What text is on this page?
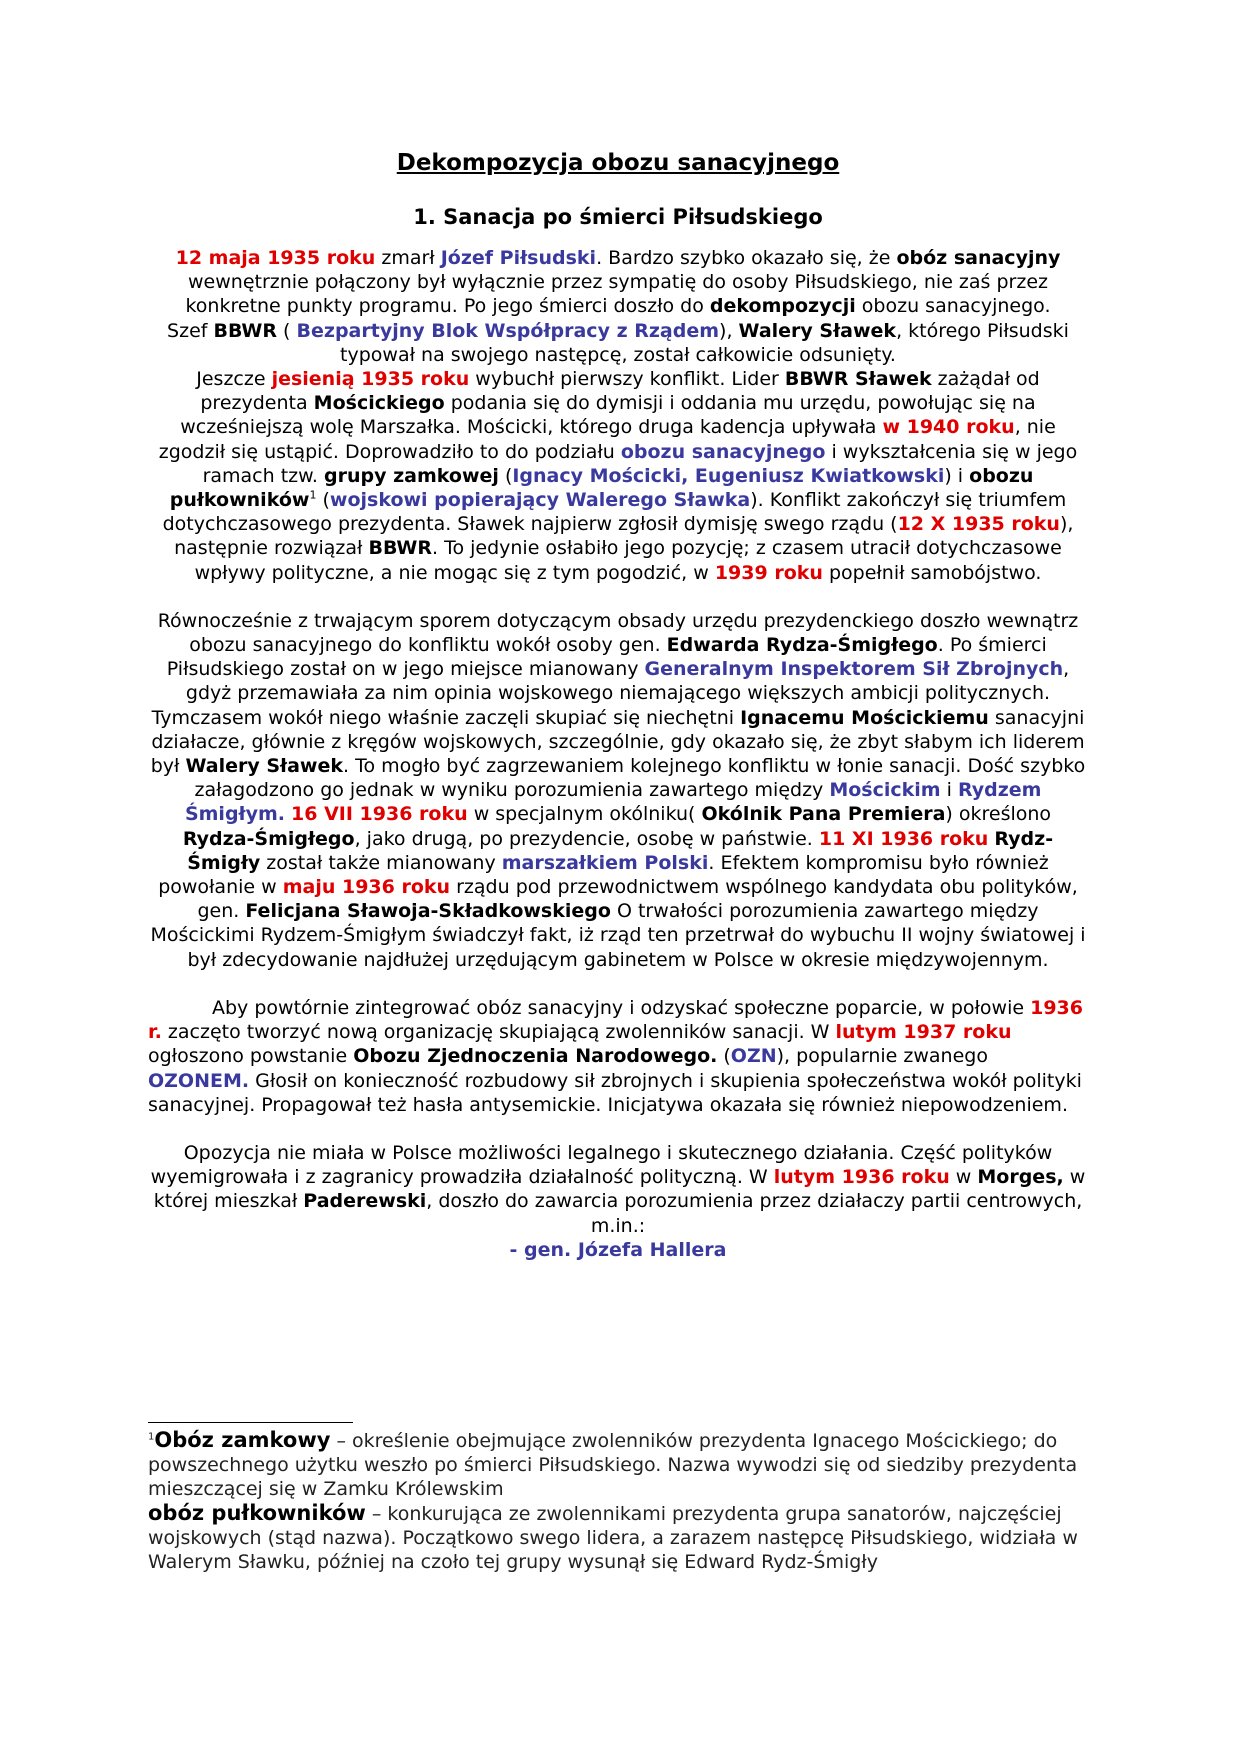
Dekompozycja obozu sanacyjnego
1. Sanacja po śmierci Piłsudskiego

12 maja 1935 roku zmarł Józef Piłsudski. Bardzo szybko okazało się, że obóz sanacyjny wewnętrznie połączony był wyłącznie przez sympatię do osoby Piłsudskiego, nie zaś przez konkretne punkty programu. Po jego śmierci doszło do dekompozycji obozu sanacyjnego.

Szef BBWR ( Bezpartyjny Blok Współpracy z Rządem), Walery Sławek, którego Piłsudski typował na swojego następcę, został całkowicie odsunięty.

Jeszcze jesienią 1935 roku wybuchł pierwszy konflikt. Lider BBWR Sławek zażądał od prezydenta Mościckiego podania się do dymisji i oddania mu urzędu, powołując się na wcześniejszą wolę Marszałka. Mościcki, którego druga kadencja upływała w 1940 roku, nie zgodził się ustąpić. Doprowadziło to do podziału obozu sanacyjnego i wykształcenia się w jego ramach tzw. grupy zamkowej (Ignacy Mościcki, Eugeniusz Kwiatkowski) i obozu pułkowników$^1$ (wojskowi popierający Walerego Sławka). Konflikt zakończył się triumfem dotychczasowego prezydenta. Sławek najpierw zgłosił dymisję swego rządu (12 X 1935 roku), następnie rozwiązał BBWR. To jedynie osłabiło jego pozycję; z czasem utracił dotychczasowe wpływy polityczne, a nie mogąc się z tym pogodzić, w 1939 roku popełnił samobójstwo.

Równocześnie z trwającym sporem dotyczącym obsady urzędu prezydenckiego doszło wewnątrz obozu sanacyjnego do konfliktu wokół osoby gen. Edwarda Rydza-Śmigłego. Po śmierci Piłsudskiego został on w jego miejsce mianowany Generalnym Inspektorem Sił Zbrojnych, gdyż przemawiała za nim opinia wojskowego niemającego większych ambicji politycznych. Tymczasem wokół niego właśnie zaczęli skupiać się niechętni Ignacemu Mościckiemu sanacyjni działacze, głównie z kręgów wojskowych, szczególnie, gdy okazało się, że zbyt słabym ich liderem był Walery Sławek. To mogło być zagrzewaniem kolejnego konfliktu w łonie sanacji. Dość szybko załagodzono go jednak w wyniku porozumienia zawartego między Mościckim i Rydzem Śmigłym. 16 VII 1936 roku w specjalnym okólniku( Okólnik Pana Premiera) określono Rydza-Śmigłego, jako drugą, po prezydencie, osobę w państwie. 11 XI 1936 roku Rydz-Śmigły został także mianowany marszałkiem Polski. Efektem kompromisu było również powołanie w maju 1936 roku rządu pod przewodnictwem wspólnego kandydata obu polityków, gen. Felicjana Sławoja-Składkowskiego O trwałości porozumienia zawartego między Mościckimi Rydzem-Śmigłym świadczył fakt, iż rząd ten przetrwał do wybuchu II wojny światowej i był zdecydowanie najdłużej urzędującym gabinetem w Polsce w okresie międzywojennym.

Aby powtórnie zintegrować obóz sanacyjny i odzyskać społeczne poparcie, w połowie 1936 r. zaczęto tworzyć nową organizację skupiającą zwolenników sanacji. W lutym 1937 roku ogłoszono powstanie Obozu Zjednoczenia Narodowego. (OZN), popularnie zwanego OZONEM. Głosił on konieczność rozbudowy sił zbrojnych i skupienia społeczeństwa wokół polityki sanacyjnej. Propagował też hasła antysemickie. Inicjatywa okazała się również niepowodzeniem.

Opozycja nie miała w Polsce możliwości legalnego i skutecznego działania. Część polityków wyemigrowała i z zagranicy prowadziła działalność polityczną. W lutym 1936 roku w Morges, w której mieszkał Paderewski, doszło do zawarcia porozumienia przez działaczy partii centrowych, m.in.:

- gen. Józefa Hallera

$^1$Obóz zamkowy – określenie obejmujące zwolenników prezydenta Ignacego Mościckiego; do powszechnego użytku weszło po śmierci Piłsudskiego. Nazwa wywodzi się od siedziby prezydenta mieszczącej się w Zamku Królewskim
obóz pułkowników – konkurująca ze zwolennikami prezydenta grupa sanatorów, najczęściej wojskowych (stąd nazwa). Początkowo swego lidera, a zarazem następcę Piłsudskiego, widziała w Walerym Sławku, później na czoło tej grupy wysunął się Edward Rydz-Śmigły
